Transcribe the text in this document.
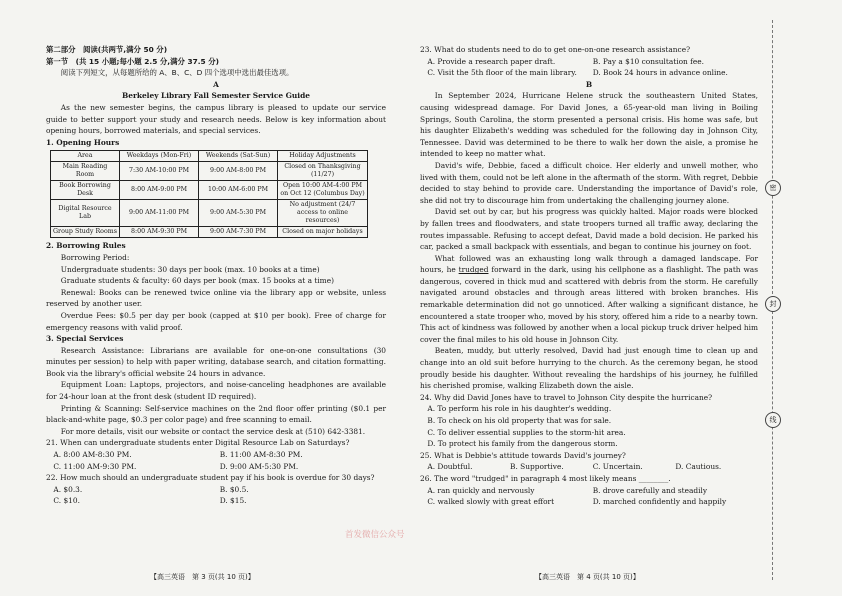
第二部分　阅读(共两节,满分 50 分)

第一节　(共 15 小题;每小题 2.5 分,满分 37.5 分)

阅读下列短文，从每题所给的 A、B、C、D 四个选项中选出最佳选项。

A

Berkeley Library Fall Semester Service Guide

As the new semester begins, the campus library is pleased to update our service guide to better support your study and research needs. Below is key information about opening hours, borrowed materials, and special services.

1. Opening Hours

Area	Weekdays (Mon-Fri)	Weekends (Sat-Sun)	Holiday Adjustments
Main Reading Room	7:30 AM-10:00 PM	9:00 AM-8:00 PM	Closed on Thanksgiving (11/27)
Book Borrowing Desk	8:00 AM-9:00 PM	10:00 AM-6:00 PM	Open 10:00 AM-4:00 PM on Oct 12 (Columbus Day)
Digital Resource Lab	9:00 AM-11:00 PM	9:00 AM-5:30 PM	No adjustment (24/7 access to online resources)
Group Study Rooms	8:00 AM-9:30 PM	9:00 AM-7:30 PM	Closed on major holidays

2. Borrowing Rules

Borrowing Period:

Undergraduate students: 30 days per book (max. 10 books at a time)

Graduate students & faculty: 60 days per book (max. 15 books at a time)

Renewal: Books can be renewed twice online via the library app or website, unless reserved by another user.

Overdue Fees: $0.5 per day per book (capped at $10 per book). Free of charge for emergency reasons with valid proof.

3. Special Services

Research Assistance: Librarians are available for one-on-one consultations (30 minutes per session) to help with paper writing, database search, and citation formatting. Book via the library's official website 24 hours in advance.

Equipment Loan: Laptops, projectors, and noise-canceling headphones are available for 24-hour loan at the front desk (student ID required).

Printing & Scanning: Self-service machines on the 2nd floor offer printing ($0.1 per black-and-white page, $0.3 per color page) and free scanning to email.

For more details, visit our website or contact the service desk at (510) 642-3381.

21. When can undergraduate students enter Digital Resource Lab on Saturdays?

A. 8:00 AM-8:30 PM.	B. 11:00 AM-8:30 PM.
C. 11:00 AM-9:30 PM.	D. 9:00 AM-5:30 PM.

22. How much should an undergraduate student pay if his book is overdue for 30 days?

A. $0.3.	B. $0.5.
C. $10.	D. $15.

23. What do students need to do to get one-on-one research assistance?

A. Provide a research paper draft.	B. Pay a $10 consultation fee.
C. Visit the 5th floor of the main library.	D. Book 24 hours in advance online.

B

In September 2024, Hurricane Helene struck the southeastern United States, causing widespread damage. For David Jones, a 65-year-old man living in Boiling Springs, South Carolina, the storm presented a personal crisis. His home was safe, but his daughter Elizabeth's wedding was scheduled for the following day in Johnson City, Tennessee. David was determined to be there to walk her down the aisle, a promise he intended to keep no matter what.

David's wife, Debbie, faced a difficult choice. Her elderly and unwell mother, who lived with them, could not be left alone in the aftermath of the storm. With regret, Debbie decided to stay behind to provide care. Understanding the importance of David's role, she did not try to discourage him from undertaking the challenging journey alone.

David set out by car, but his progress was quickly halted. Major roads were blocked by fallen trees and floodwaters, and state troopers turned all traffic away, declaring the routes impassable. Refusing to accept defeat, David made a bold decision. He parked his car, packed a small backpack with essentials, and began to continue his journey on foot.

What followed was an exhausting long walk through a damaged landscape. For hours, he trudged forward in the dark, using his cellphone as a flashlight. The path was dangerous, covered in thick mud and scattered with debris from the storm. He carefully navigated around obstacles and through areas littered with broken branches. His remarkable determination did not go unnoticed. After walking a significant distance, he encountered a state trooper who, moved by his story, offered him a ride to a nearby town. This act of kindness was followed by another when a local pickup truck driver helped him cover the final miles to his old house in Johnson City.

Beaten, muddy, but utterly resolved, David had just enough time to clean up and change into an old suit before hurrying to the church. As the ceremony began, he stood proudly beside his daughter. Without revealing the hardships of his journey, he fulfilled his cherished promise, walking Elizabeth down the aisle.

24. Why did David Jones have to travel to Johnson City despite the hurricane?

A. To perform his role in his daughter's wedding.

B. To check on his old property that was for sale.

C. To deliver essential supplies to the storm-hit area.

D. To protect his family from the dangerous storm.

25. What is Debbie's attitude towards David's journey?

A. Doubtful.	B. Supportive.	C. Uncertain.	D. Cautious.

26. The word "trudged" in paragraph 4 most likely means ________.

A. ran quickly and nervously	B. drove carefully and steadily
C. walked slowly with great effort	D. marched confidently and happily
【高三英语　第 3 页(共 10 页)】	【高三英语　第 4 页(共 10 页)】
密
封
线
首发微信公众号
